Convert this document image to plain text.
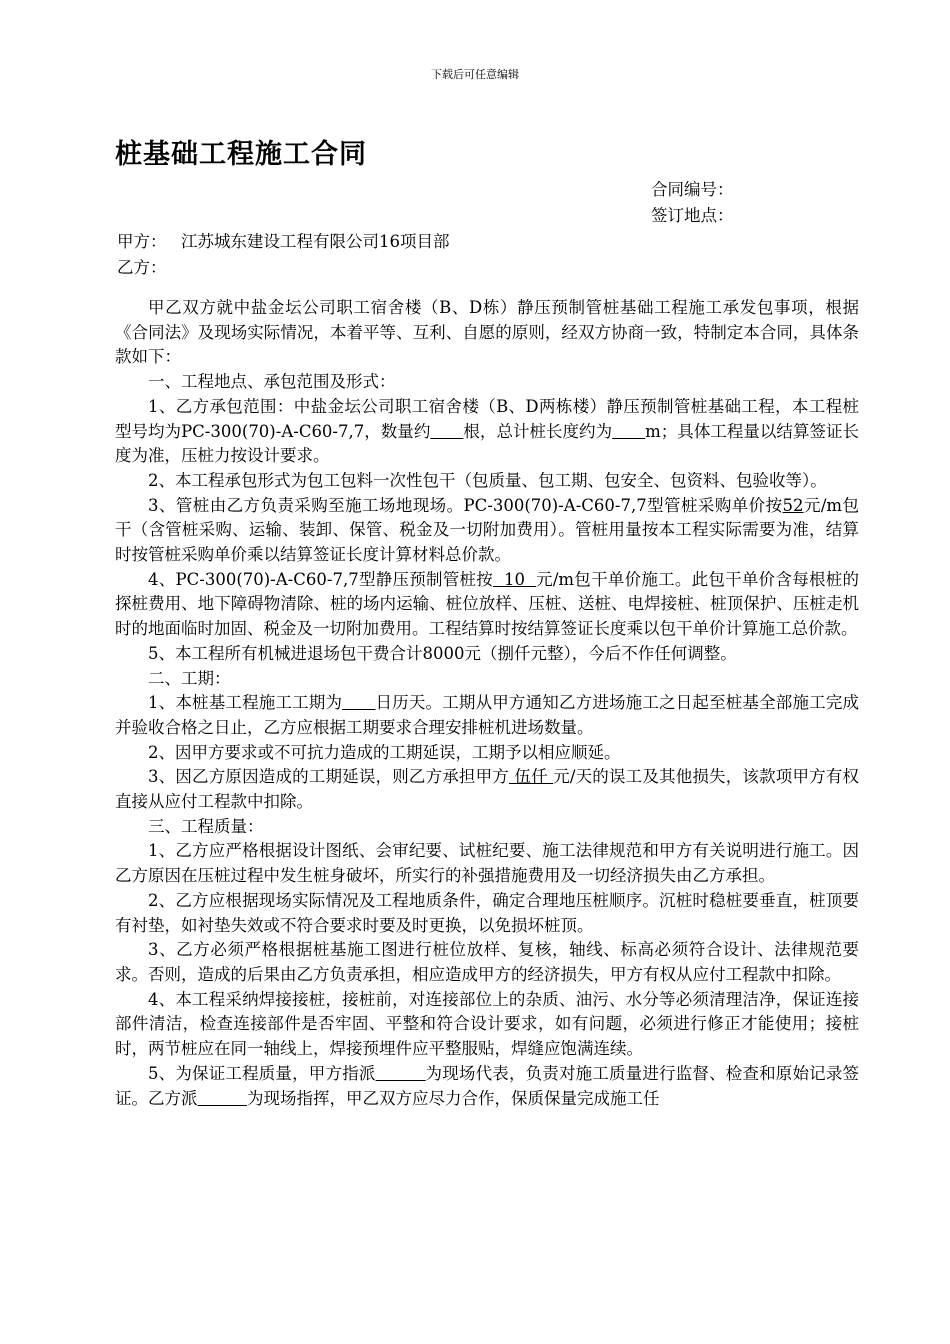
下载后可任意编辑
桩基础工程施工合同
合同编号：
签订地点：
甲方： 江苏城东建设工程有限公司16项目部
乙方：

甲乙双方就中盐金坛公司职工宿舍楼（B、D栋）静压预制管桩基础工程施工承发包事项，根据《合同法》及现场实际情况，本着平等、互利、自愿的原则，经双方协商一致，特制定本合同，具体条款如下：

一、工程地点、承包范围及形式：

1、乙方承包范围：中盐金坛公司职工宿舍楼（B、D两栋楼）静压预制管桩基础工程，本工程桩型号均为PC-300(70)-A-C60-7,7，数量约　　 根，总计桩长度约为　　 m；具体工程量以结算签证长度为准，压桩力按设计要求。

2、本工程承包形式为包工包料一次性包干（包质量、包工期、包安全、包资料、包验收等）。

3、管桩由乙方负责采购至施工场地现场。PC-300(70)-A-C60-7,7型管桩采购单价按52元/m包干（含管桩采购、运输、装卸、保管、税金及一切附加费用）。管桩用量按本工程实际需要为准，结算时按管桩采购单价乘以结算签证长度计算材料总价款。

4、PC-300(70)-A-C60-7,7型静压预制管桩按  10  元/m包干单价施工。此包干单价含每根桩的探桩费用、地下障碍物清除、桩的场内运输、桩位放样、压桩、送桩、电焊接桩、桩顶保护、压桩走机时的地面临时加固、税金及一切附加费用。工程结算时按结算签证长度乘以包干单价计算施工总价款。

5、本工程所有机械进退场包干费合计8000元（捌仟元整），今后不作任何调整。

二、工期：

1、本桩基工程施工工期为　　 日历天。工期从甲方通知乙方进场施工之日起至桩基全部施工完成并验收合格之日止，乙方应根据工期要求合理安排桩机进场数量。

2、因甲方要求或不可抗力造成的工期延误，工期予以相应顺延。

3、因乙方原因造成的工期延误，则乙方承担甲方 伍仟 元/天的误工及其他损失，该款项甲方有权直接从应付工程款中扣除。

三、工程质量：

1、乙方应严格根据设计图纸、会审纪要、试桩纪要、施工法律规范和甲方有关说明进行施工。因乙方原因在压桩过程中发生桩身破坏，所实行的补强措施费用及一切经济损失由乙方承担。

2、乙方应根据现场实际情况及工程地质条件，确定合理地压桩顺序。沉桩时稳桩要垂直，桩顶要有衬垫，如衬垫失效或不符合要求时要及时更换，以免损坏桩顶。

3、乙方必须严格根据桩基施工图进行桩位放样、复核，轴线、标高必须符合设计、法律规范要求。否则，造成的后果由乙方负责承担，相应造成甲方的经济损失，甲方有权从应付工程款中扣除。

4、本工程采纳焊接接桩，接桩前，对连接部位上的杂质、油污、水分等必须清理洁净，保证连接部件清洁，检查连接部件是否牢固、平整和符合设计要求，如有问题，必须进行修正才能使用；接桩时，两节桩应在同一轴线上，焊接预埋件应平整服贴，焊缝应饱满连续。

5、为保证工程质量，甲方指派　　　	为现场代表，负责对施工质量进行监督、检查和原始记录签证。乙方派　　　	为现场指挥，甲乙双方应尽力合作，保质保量完成施工任
